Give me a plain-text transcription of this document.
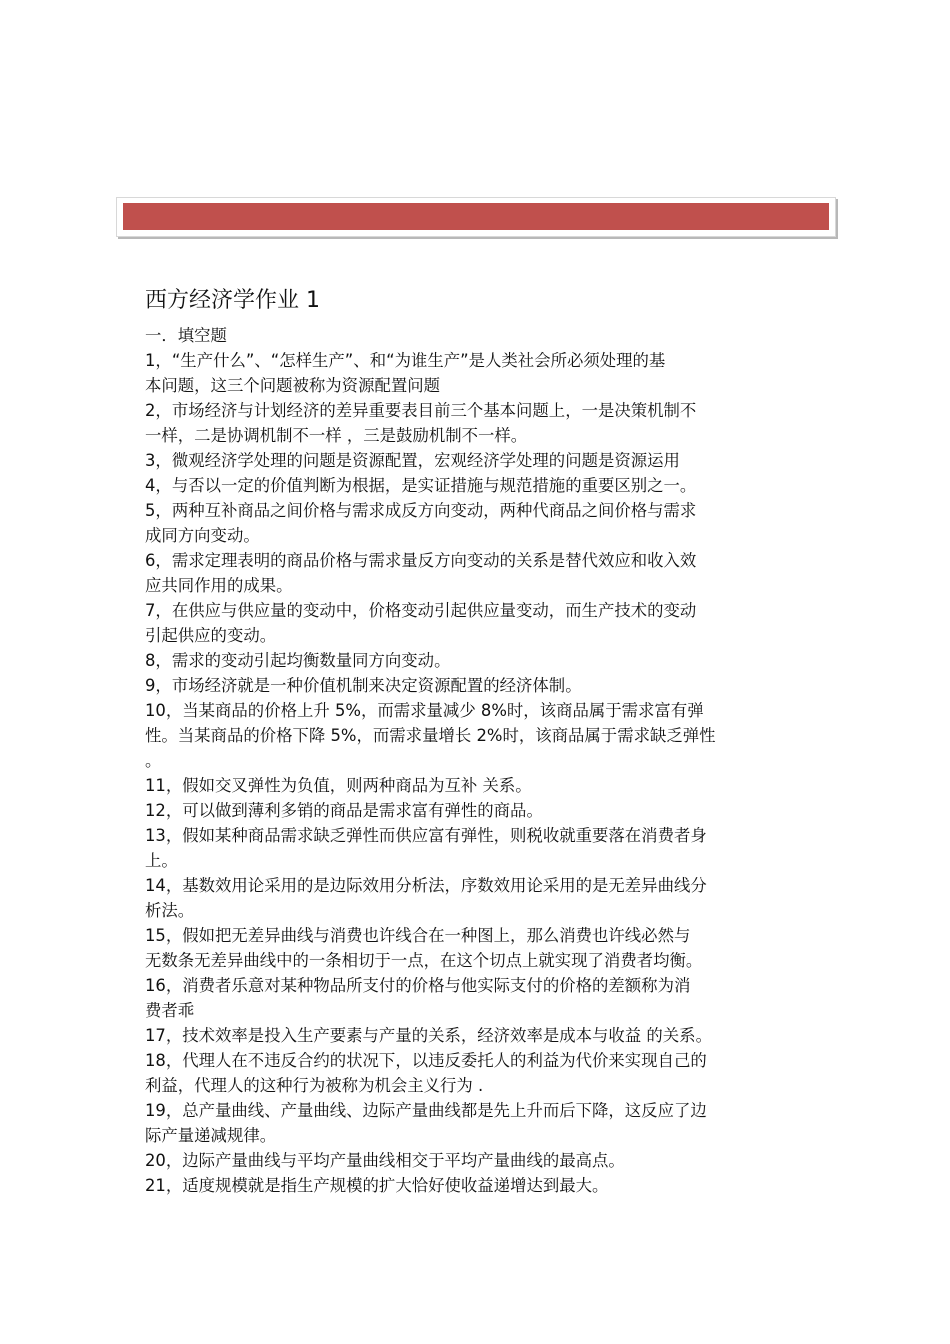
西方经济学作业 1
一．填空题
1，“生产什么”、“怎样生产”、和“为谁生产”是人类社会所必须处理的基
本问题，这三个问题被称为资源配置问题
2，市场经济与计划经济的差异重要表目前三个基本问题上，一是决策机制不
一样，二是协调机制不一样 ，三是鼓励机制不一样。
3，微观经济学处理的问题是资源配置，宏观经济学处理的问题是资源运用
4，与否以一定的价值判断为根据，是实证措施与规范措施的重要区别之一。
5，两种互补商品之间价格与需求成反方向变动，两种代商品之间价格与需求
成同方向变动。
6，需求定理表明的商品价格与需求量反方向变动的关系是替代效应和收入效
应共同作用的成果。
7，在供应与供应量的变动中，价格变动引起供应量变动，而生产技术的变动
引起供应的变动。
8，需求的变动引起均衡数量同方向变动。
9，市场经济就是一种价值机制来决定资源配置的经济体制。
10，当某商品的价格上升 5%，而需求量减少 8%时，该商品属于需求富有弹
性。当某商品的价格下降 5%，而需求量增长 2%时，该商品属于需求缺乏弹性
。
11，假如交叉弹性为负值，则两种商品为互补 关系。
12，可以做到薄利多销的商品是需求富有弹性的商品。
13，假如某种商品需求缺乏弹性而供应富有弹性，则税收就重要落在消费者身
上。
14，基数效用论采用的是边际效用分析法，序数效用论采用的是无差异曲线分
析法。
15，假如把无差异曲线与消费也许线合在一种图上，那么消费也许线必然与
无数条无差异曲线中的一条相切于一点，在这个切点上就实现了消费者均衡。
16，消费者乐意对某种物品所支付的价格与他实际支付的价格的差额称为消
费者乖
17，技术效率是投入生产要素与产量的关系，经济效率是成本与收益 的关系。
18，代理人在不违反合约的状况下，以违反委托人的利益为代价来实现自己的
利益，代理人的这种行为被称为机会主义行为 .
19，总产量曲线、产量曲线、边际产量曲线都是先上升而后下降，这反应了边
际产量递减规律。
20，边际产量曲线与平均产量曲线相交于平均产量曲线的最高点。
21，适度规模就是指生产规模的扩大恰好使收益递增达到最大。
